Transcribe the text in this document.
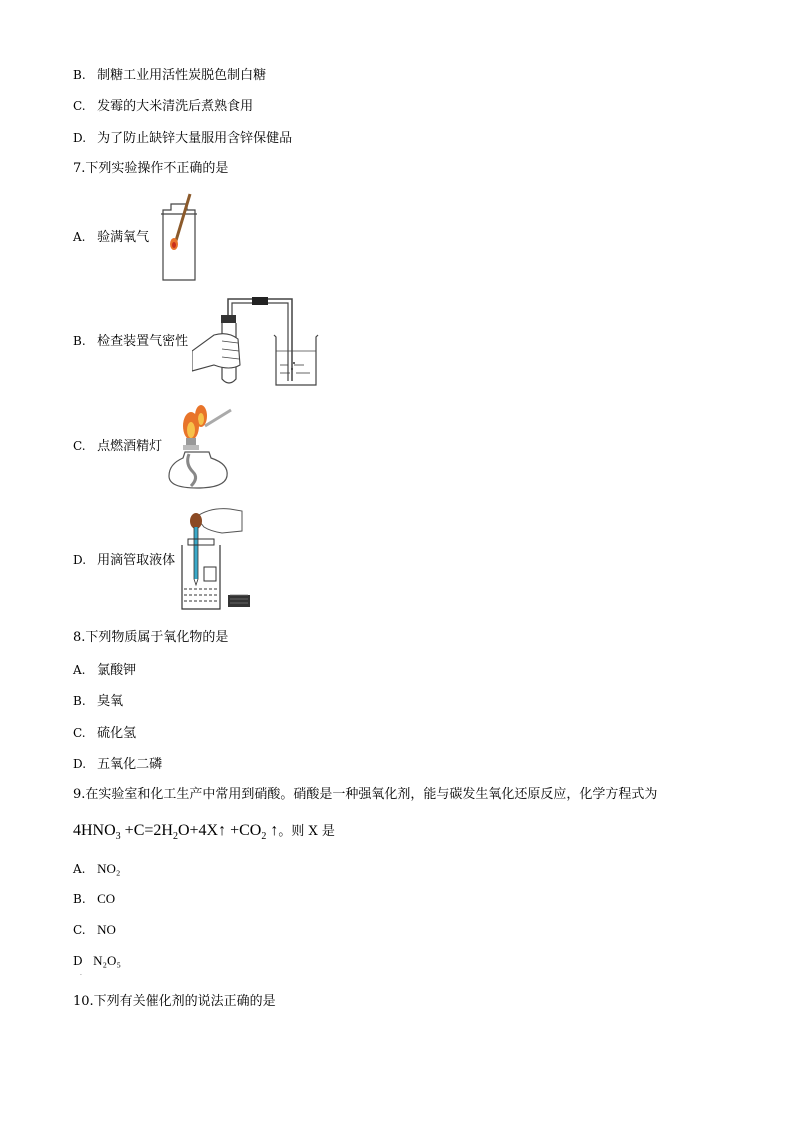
B. 制糖工业用活性炭脱色制白糖
C. 发霉的大米清洗后煮熟食用
D. 为了防止缺锌大量服用含锌保健品
7.下列实验操作不正确的是
A. 验满氧气
B. 检查装置气密性
C. 点燃酒精灯
D. 用滴管取液体
8.下列物质属于氧化物的是
A. 氯酸钾
B. 臭氧
C. 硫化氢
D. 五氧化二磷
9.在实验室和化工生产中常用到硝酸。硝酸是一种强氧化剂，能与碳发生氧化还原反应，化学方程式为
$4HNO_3$ $+C=2H_2O+4X↑ +CO_2$ ↑。则 X 是
A. NO₂
B. CO
C. NO
D N₂O₅
·
10.下列有关催化剂的说法正确的是
